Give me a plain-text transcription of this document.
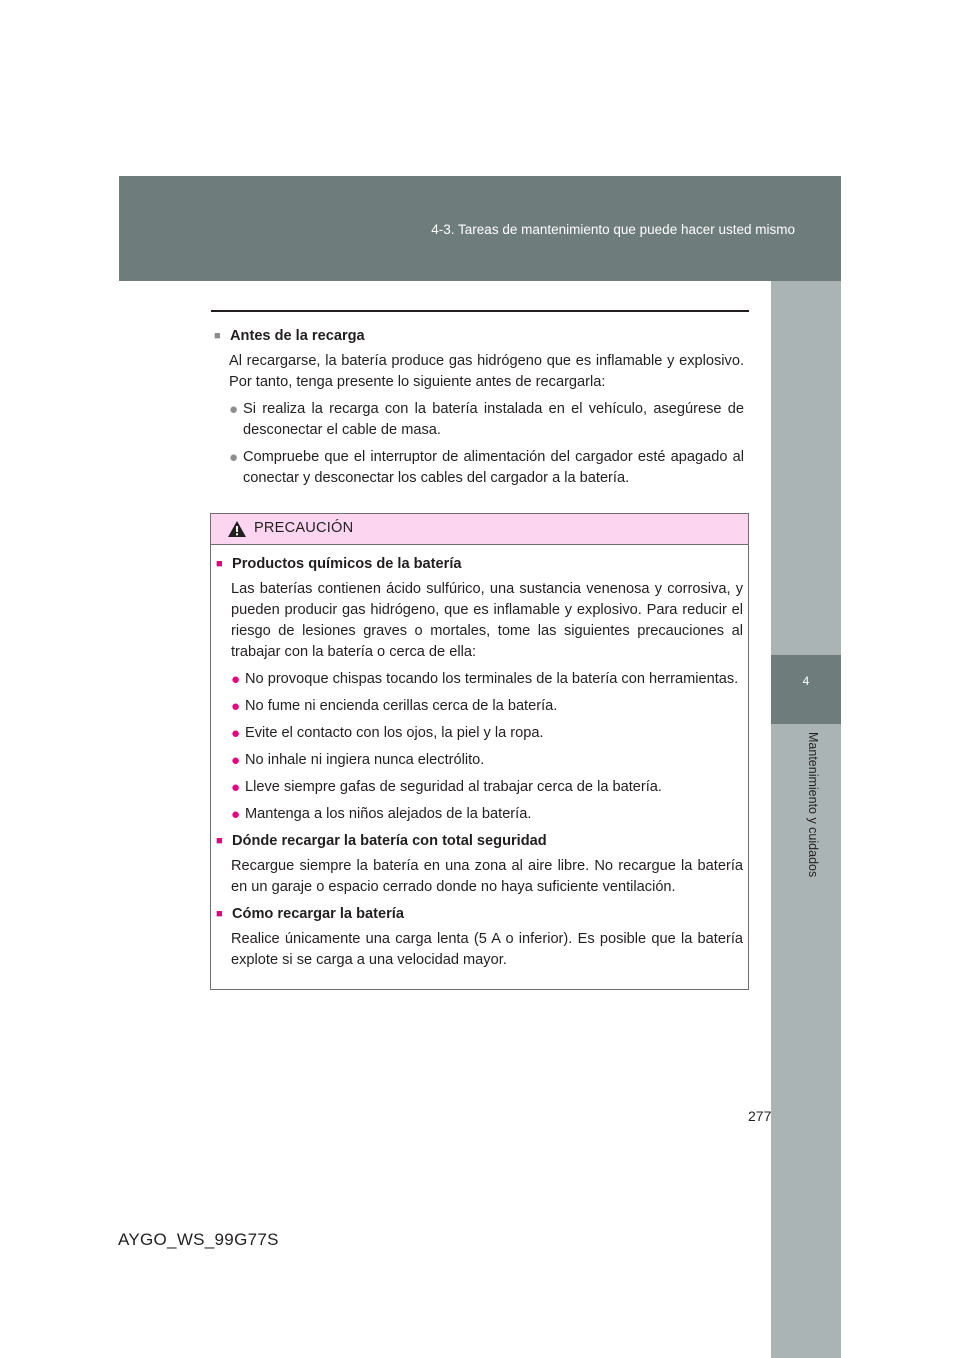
4-3. Tareas de mantenimiento que puede hacer usted mismo
4
Mantenimiento y cuidados
■ Antes de la recarga
Al recargarse, la batería produce gas hidrógeno que es inflamable y explosivo. Por tanto, tenga presente lo siguiente antes de recargarla:
● Si realiza la recarga con la batería instalada en el vehículo, asegúrese de desconectar el cable de masa.
● Compruebe que el interruptor de alimentación del cargador esté apagado al conectar y desconectar los cables del cargador a la batería.
PRECAUCIÓN
■ Productos químicos de la batería
Las baterías contienen ácido sulfúrico, una sustancia venenosa y corrosiva, y pueden producir gas hidrógeno, que es inflamable y explosivo. Para reducir el riesgo de lesiones graves o mortales, tome las siguientes precauciones al trabajar con la batería o cerca de ella:
● No provoque chispas tocando los terminales de la batería con herramientas.
● No fume ni encienda cerillas cerca de la batería.
● Evite el contacto con los ojos, la piel y la ropa.
● No inhale ni ingiera nunca electrólito.
● Lleve siempre gafas de seguridad al trabajar cerca de la batería.
● Mantenga a los niños alejados de la batería.
■ Dónde recargar la batería con total seguridad
Recargue siempre la batería en una zona al aire libre. No recargue la batería en un garaje o espacio cerrado donde no haya suficiente ventilación.
■ Cómo recargar la batería
Realice únicamente una carga lenta (5 A o inferior). Es posible que la batería explote si se carga a una velocidad mayor.
277
AYGO_WS_99G77S
